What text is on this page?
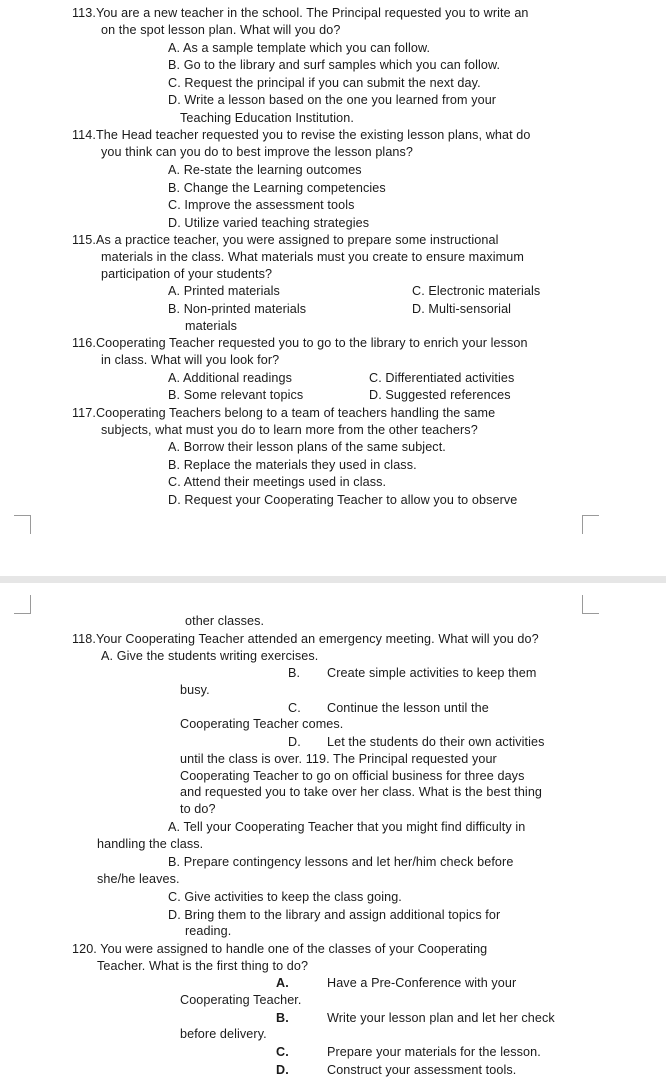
113.You are a new teacher in the school. The Principal requested you to write an
on the spot lesson plan. What will you do?
A. As a sample template which you can follow.
B. Go to the library and surf samples which you can follow.
C. Request the principal if you can submit the next day.
D. Write a lesson based on the one you learned from your
Teaching Education Institution.
114.The Head teacher requested you to revise the existing lesson plans, what do
you think can you do to best improve the lesson plans?
A. Re-state the learning outcomes
B. Change the Learning competencies
C. Improve the assessment tools
D. Utilize varied teaching strategies
115.As a practice teacher, you were assigned to prepare some instructional
materials in the class. What materials must you create to ensure maximum
participation of your students?
A. Printed materials	C. Electronic materials
B. Non-printed materials	D. Multi-sensorial
materials
116.Cooperating Teacher requested you to go to the library to enrich your lesson
in class. What will you look for?
A. Additional readings	C. Differentiated activities
B. Some relevant topics	D. Suggested references
117.Cooperating Teachers belong to a team of teachers handling the same
subjects, what must you do to learn more from the other teachers?
A. Borrow their lesson plans of the same subject.
B. Replace the materials they used in class.
C. Attend their meetings used in class.
D. Request your Cooperating Teacher to allow you to observe
other classes.
118.Your Cooperating Teacher attended an emergency meeting. What will you do?
A. Give the students writing exercises.
B. Create simple activities to keep them
busy.
C. Continue the lesson until the
Cooperating Teacher comes.
D. Let the students do their own activities
until the class is over. 119. The Principal requested your
Cooperating Teacher to go on official business for three days
and requested you to take over her class. What is the best thing
to do?
A. Tell your Cooperating Teacher that you might find difficulty in
handling the class.
B. Prepare contingency lessons and let her/him check before
she/he leaves.
C. Give activities to keep the class going.
D. Bring them to the library and assign additional topics for
reading.
120. You were assigned to handle one of the classes of your Cooperating
Teacher. What is the first thing to do?
A.	Have a Pre-Conference with your
Cooperating Teacher.
B.	Write your lesson plan and let her check
before delivery.
C.	Prepare your materials for the lesson.
D.	Construct your assessment tools.
